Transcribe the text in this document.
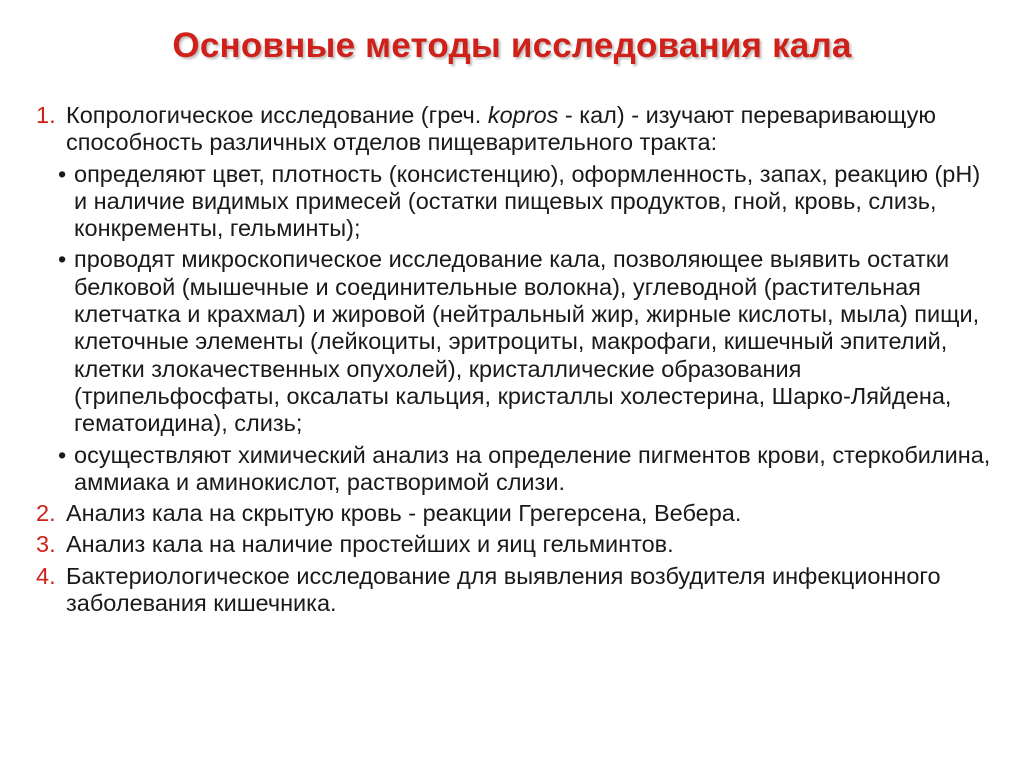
Основные методы исследования кала
1. Копрологическое исследование (греч. kopros - кал) - изучают переваривающую способность различных отделов пищеварительного тракта:
• определяют цвет, плотность (консистенцию), оформленность, запах, реакцию (pH) и наличие видимых примесей (остатки пищевых продуктов, гной, кровь, слизь, конкременты, гельминты);
• проводят микроскопическое исследование кала, позволяющее выявить остатки белковой (мышечные и соединительные волокна), углеводной (растительная клетчатка и крахмал) и жировой (нейтральный жир, жирные кислоты, мыла) пищи, клеточные элементы (лейкоциты, эритроциты, макрофаги, кишечный эпителий, клетки злокачественных опухолей), кристаллические образования (трипельфосфаты, оксалаты кальция, кристаллы холестерина, Шарко-Ляйдена, гематоидина), слизь;
• осуществляют химический анализ на определение пигментов крови, стеркобилина, аммиака и аминокислот, растворимой слизи.
2. Анализ кала на скрытую кровь - реакции Грегерсена, Вебера.
3. Анализ кала на наличие простейших и яиц гельминтов.
4. Бактериологическое исследование для выявления возбудителя инфекционного заболевания кишечника.
